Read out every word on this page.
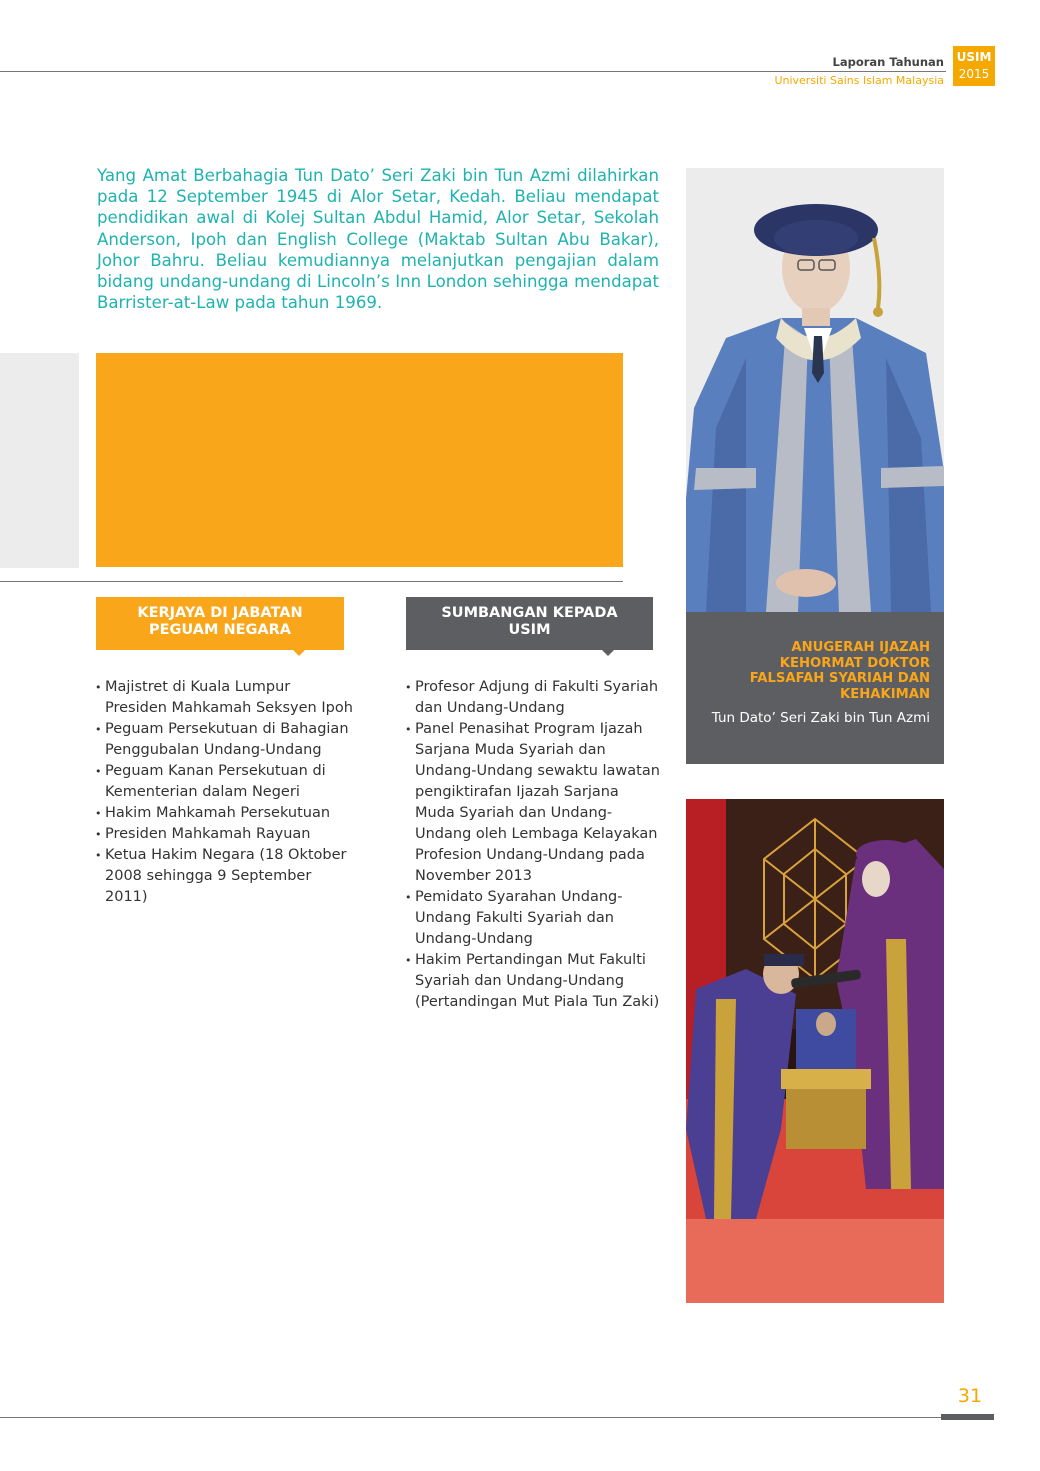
Laporan Tahunan
Universiti Sains Islam Malaysia
USIM
2015

Yang Amat Berbahagia Tun Dato’ Seri Zaki bin Tun Azmi dilahirkan pada 12 September 1945 di Alor Setar, Kedah. Beliau mendapat pendidikan awal di Kolej Sultan Abdul Hamid, Alor Setar, Sekolah Anderson, Ipoh dan English College (Maktab Sultan Abu Bakar), Johor Bahru. Beliau kemudiannya melanjutkan pengajian dalam bidang undang-undang di Lincoln’s Inn London sehingga mendapat Barrister-at-Law pada tahun 1969.

KERJAYA DI JABATAN
PEGUAM NEGARA
SUMBANGAN KEPADA
USIM
• Majistret di Kuala Lumpur Presiden Mahkamah Seksyen Ipoh
• Peguam Persekutuan di Bahagian Penggubalan Undang-Undang
• Peguam Kanan Persekutuan di Kementerian dalam Negeri
• Hakim Mahkamah Persekutuan
• Presiden Mahkamah Rayuan
• Ketua Hakim Negara (18 Oktober 2008 sehingga 9 September 2011)
• Profesor Adjung di Fakulti Syariah dan Undang-Undang
• Panel Penasihat Program Ijazah Sarjana Muda Syariah dan Undang-Undang sewaktu lawatan pengiktirafan Ijazah Sarjana Muda Syariah dan Undang-Undang oleh Lembaga Kelayakan Profesion Undang-Undang pada November 2013
• Pemidato Syarahan Undang-Undang Fakulti Syariah dan Undang-Undang
• Hakim Pertandingan Mut Fakulti Syariah dan Undang-Undang (Pertandingan Mut Piala Tun Zaki)
ANUGERAH IJAZAH KEHORMAT DOKTOR FALSAFAH SYARIAH DAN KEHAKIMAN
Tun Dato’ Seri Zaki bin Tun Azmi
31
